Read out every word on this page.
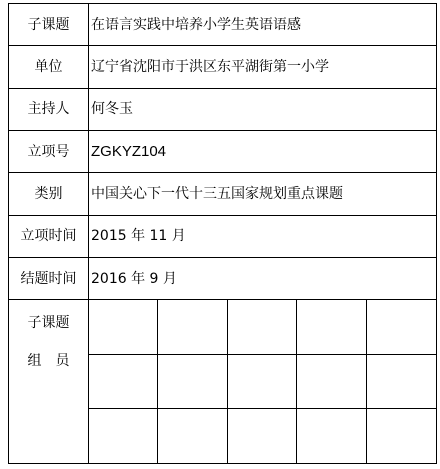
子课题	在语言实践中培养小学生英语语感				
单位	辽宁省沈阳市于洪区东平湖街第一小学				
主持人	何冬玉				
立项号	ZGKYZ104				
类别	中国关心下一代十三五国家规划重点课题				
立项时间	2015 年 11 月				
结题时间	2016 年 9 月				

子课题
组员					
